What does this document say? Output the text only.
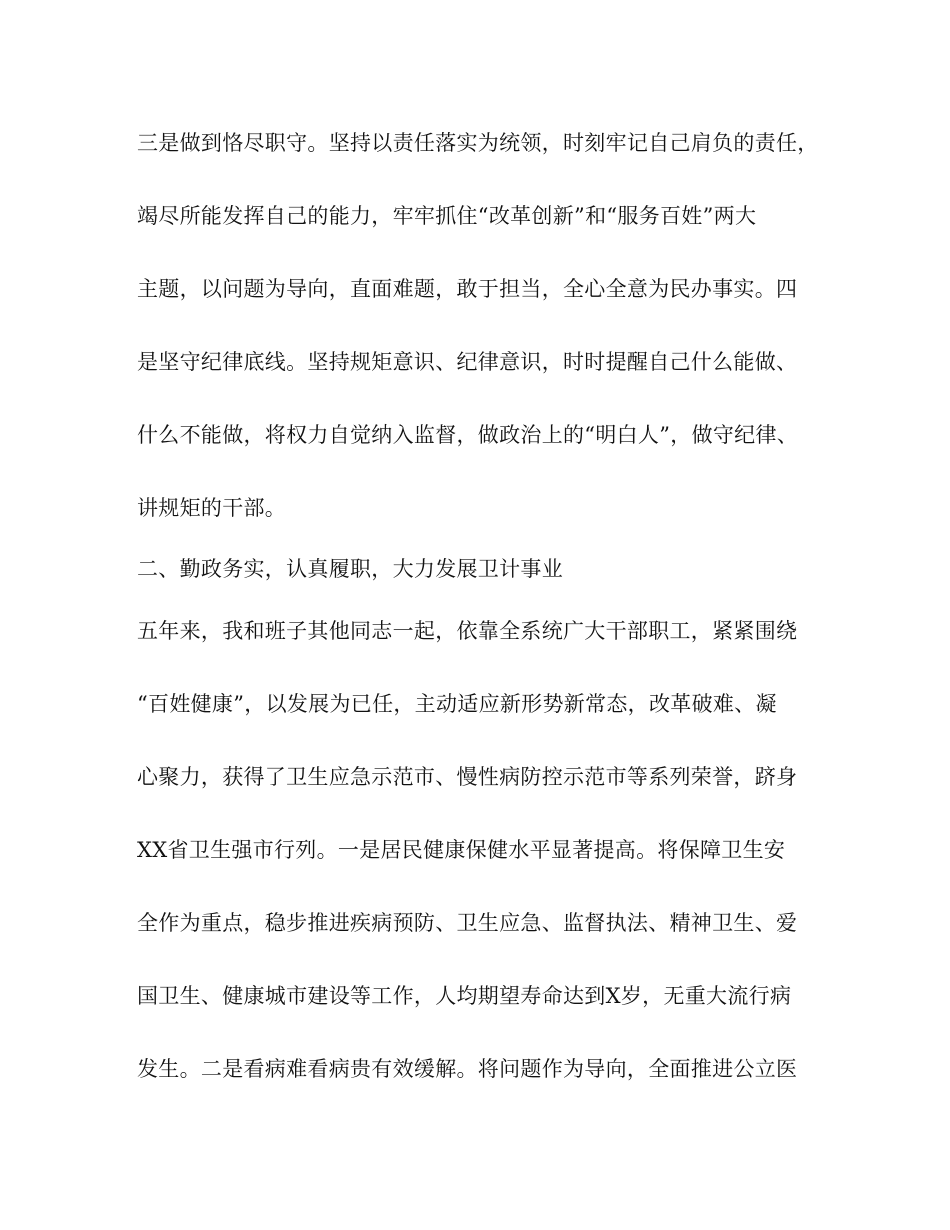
三是做到恪尽职守。坚持以责任落实为统领，时刻牢记自己肩负的责任，

竭尽所能发挥自己的能力，牢牢抓住“改革创新”和“服务百姓”两大

主题，以问题为导向，直面难题，敢于担当，全心全意为民办事实。四

是坚守纪律底线。坚持规矩意识、纪律意识，时时提醒自己什么能做、

什么不能做，将权力自觉纳入监督，做政治上的“明白人”，做守纪律、

讲规矩的干部。

二、勤政务实，认真履职，大力发展卫计事业

五年来，我和班子其他同志一起，依靠全系统广大干部职工，紧紧围绕

“百姓健康”，以发展为已任，主动适应新形势新常态，改革破难、凝

心聚力，获得了卫生应急示范市、慢性病防控示范市等系列荣誉，跻身

XX省卫生强市行列。一是居民健康保健水平显著提高。将保障卫生安

全作为重点，稳步推进疾病预防、卫生应急、监督执法、精神卫生、爱

国卫生、健康城市建设等工作，人均期望寿命达到X岁，无重大流行病

发生。二是看病难看病贵有效缓解。将问题作为导向，全面推进公立医
